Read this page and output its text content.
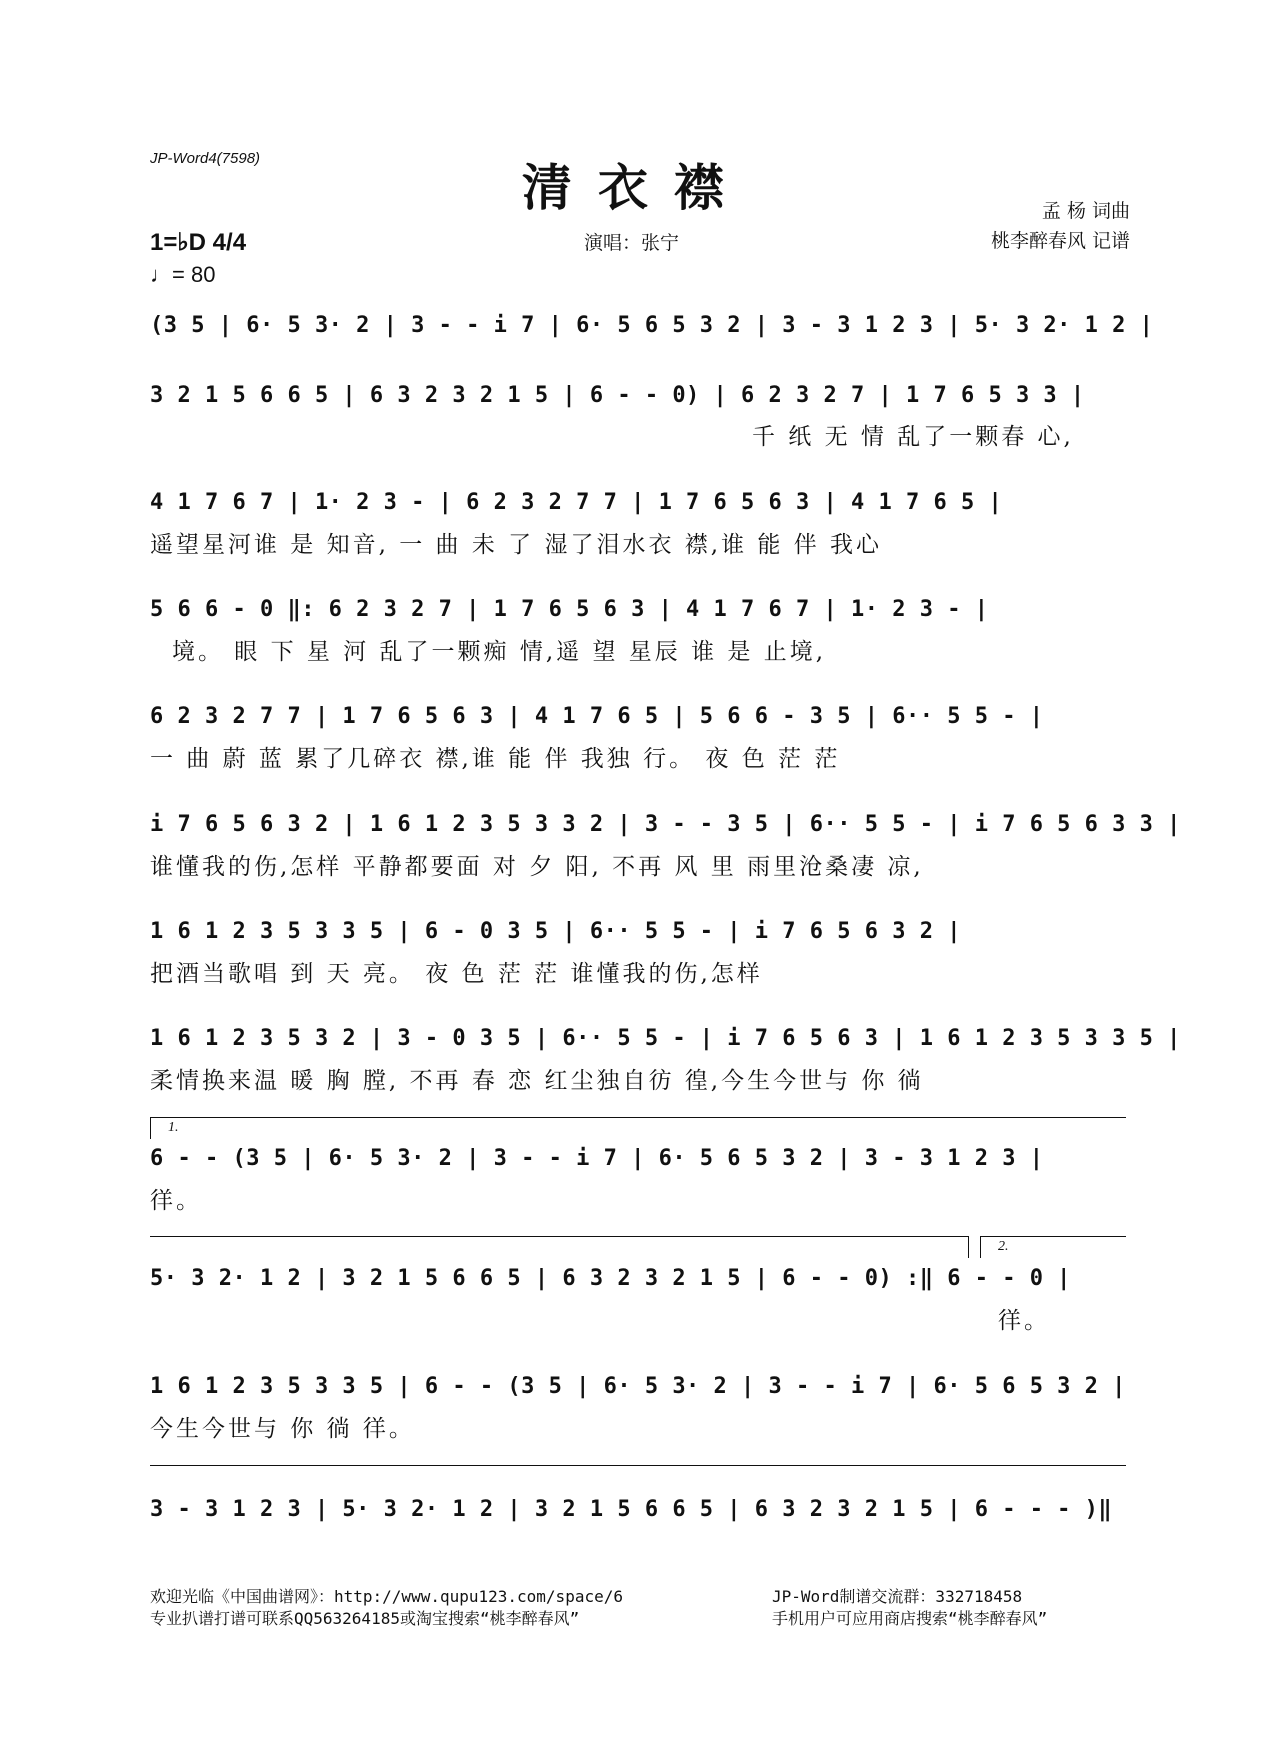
JP-Word4(7598)	清衣襟
1=♭D 4/4
♩= 80
演唱：张宁
孟 杨 词曲
桃李醉春风 记谱
(3 5 | 6· 5 3· 2 | 3 - - i 7 | 6· 5 6 5 3 2 | 3 - 3 1 2 3 | 5· 3 2· 1 2 |
3 2 1 5 6 6 5 | 6 3 2 3 2 1 5 | 6 - - 0) | 6 2 3 2 7 | 1 7 6 5 3 3 |
千 纸 无 情 乱了一颗春 心,
4 1 7 6 7 | 1· 2 3 - | 6 2 3 2 7 7 | 1 7 6 5 6 3 | 4 1 7 6 5 |
遥望星河谁 是 知音, 一 曲 未 了 湿了泪水衣 襟,谁 能 伴 我心
5 6 6 - 0 ‖: 6 2 3 2 7 | 1 7 6 5 6 3 | 4 1 7 6 7 | 1· 2 3 - |
境。 眼 下 星 河 乱了一颗痴 情,遥 望 星辰 谁 是 止境,
6 2 3 2 7 7 | 1 7 6 5 6 3 | 4 1 7 6 5 | 5 6 6 - 3 5 | 6·· 5 5 - |
一 曲 蔚 蓝 累了几碎衣 襟,谁 能 伴 我独 行。 夜 色 茫 茫
i 7 6 5 6 3 2 | 1 6 1 2 3 5 3 3 2 | 3 - - 3 5 | 6·· 5 5 - | i 7 6 5 6 3 3 |
谁懂我的伤,怎样 平静都要面 对 夕 阳, 不再 风 里 雨里沧桑凄 凉,
1 6 1 2 3 5 3 3 5 | 6 - 0 3 5 | 6·· 5 5 - | i 7 6 5 6 3 2 |
把酒当歌唱 到 天 亮。 夜 色 茫 茫 谁懂我的伤,怎样
1 6 1 2 3 5 3 2 | 3 - 0 3 5 | 6·· 5 5 - | i 7 6 5 6 3 | 1 6 1 2 3 5 3 3 5 |
柔情换来温 暖 胸 膛, 不再 春 恋 红尘独自彷 徨,今生今世与 你 徜
1.
6 - - (3 5 | 6· 5 3· 2 | 3 - - i 7 | 6· 5 6 5 3 2 | 3 - 3 1 2 3 |
徉。
2.
5· 3 2· 1 2 | 3 2 1 5 6 6 5 | 6 3 2 3 2 1 5 | 6 - - 0) :‖ 6 - - 0 |
徉。
1 6 1 2 3 5 3 3 5 | 6 - - (3 5 | 6· 5 3· 2 | 3 - - i 7 | 6· 5 6 5 3 2 |
今生今世与 你 徜 徉。
3 - 3 1 2 3 | 5· 3 2· 1 2 | 3 2 1 5 6 6 5 | 6 3 2 3 2 1 5 | 6 - - - )‖
欢迎光临《中国曲谱网》：http://www.qupu123.com/space/6
专业扒谱打谱可联系QQ563264185或淘宝搜索“桃李醉春风”
JP-Word制谱交流群：332718458
手机用户可应用商店搜索“桃李醉春风”
